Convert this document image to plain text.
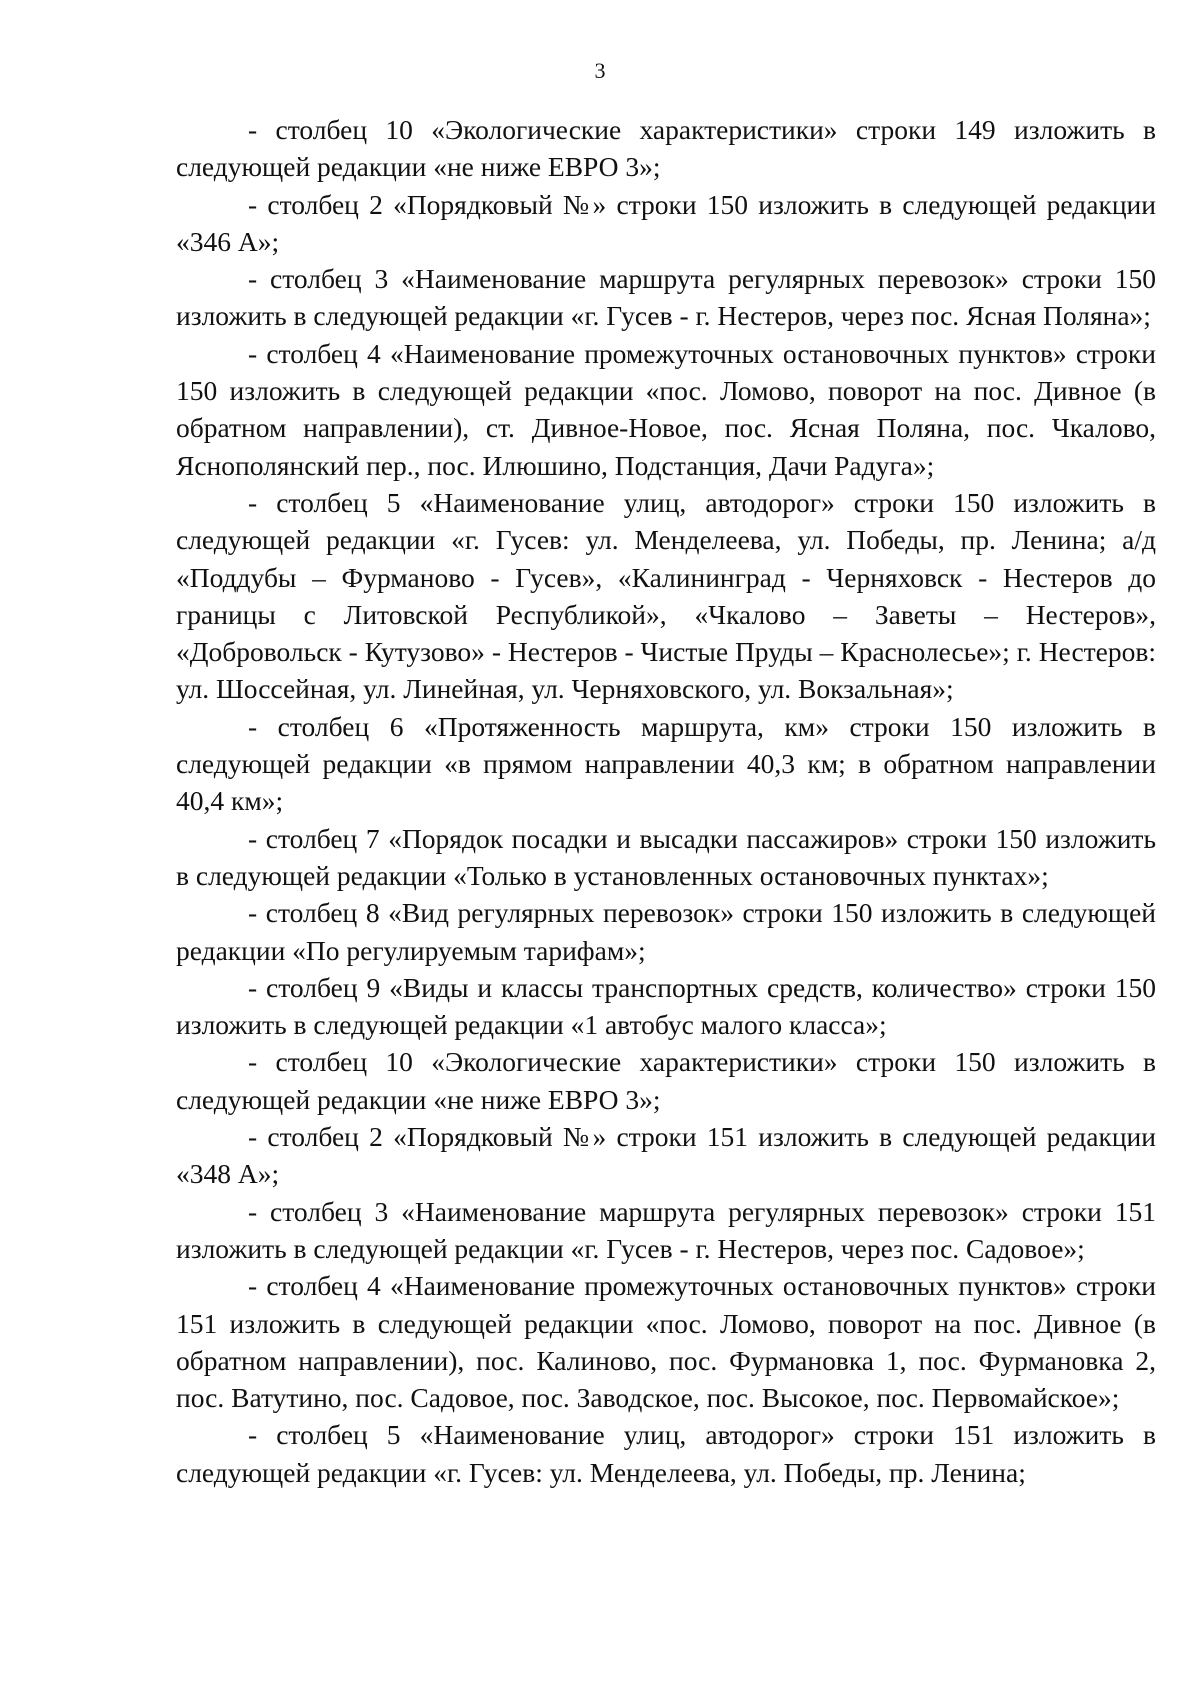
3

- столбец 10 «Экологические характеристики» строки 149 изложить в следующей редакции «не ниже ЕВРО 3»;

- столбец 2 «Порядковый №» строки 150 изложить в следующей редакции «346 А»;

- столбец 3 «Наименование маршрута регулярных перевозок» строки 150 изложить в следующей редакции «г. Гусев - г. Нестеров, через пос. Ясная Поляна»;

- столбец 4 «Наименование промежуточных остановочных пунктов» строки 150 изложить в следующей редакции «пос. Ломово, поворот на пос. Дивное (в обратном направлении), ст. Дивное-Новое, пос. Ясная Поляна, пос. Чкалово, Яснополянский пер., пос. Илюшино, Подстанция, Дачи Радуга»;

- столбец 5 «Наименование улиц, автодорог» строки 150 изложить в следующей редакции «г. Гусев: ул. Менделеева, ул. Победы, пр. Ленина; а/д «Поддубы – Фурманово - Гусев», «Калининград - Черняховск - Нестеров до границы с Литовской Республикой», «Чкалово – Заветы – Нестеров», «Добровольск - Кутузово» - Нестеров - Чистые Пруды – Краснолесье»; г. Нестеров: ул. Шоссейная, ул. Линейная, ул. Черняховского, ул. Вокзальная»;

- столбец 6 «Протяженность маршрута, км» строки 150 изложить в следующей редакции «в прямом направлении 40,3 км; в обратном направлении 40,4 км»;

- столбец 7 «Порядок посадки и высадки пассажиров» строки 150 изложить в следующей редакции «Только в установленных остановочных пунктах»;

- столбец 8 «Вид регулярных перевозок» строки 150 изложить в следующей редакции «По регулируемым тарифам»;

- столбец 9 «Виды и классы транспортных средств, количество» строки 150 изложить в следующей редакции «1 автобус малого класса»;

- столбец 10 «Экологические характеристики» строки 150 изложить в следующей редакции «не ниже ЕВРО 3»;

- столбец 2 «Порядковый №» строки 151 изложить в следующей редакции «348 А»;

- столбец 3 «Наименование маршрута регулярных перевозок» строки 151 изложить в следующей редакции «г. Гусев - г. Нестеров, через пос. Садовое»;

- столбец 4 «Наименование промежуточных остановочных пунктов» строки 151 изложить в следующей редакции «пос. Ломово, поворот на пос. Дивное (в обратном направлении), пос. Калиново, пос. Фурмановка 1, пос. Фурмановка 2, пос. Ватутино, пос. Садовое, пос. Заводское, пос. Высокое, пос. Первомайское»;

- столбец 5 «Наименование улиц, автодорог» строки 151 изложить в следующей редакции «г. Гусев: ул. Менделеева, ул. Победы, пр. Ленина;
